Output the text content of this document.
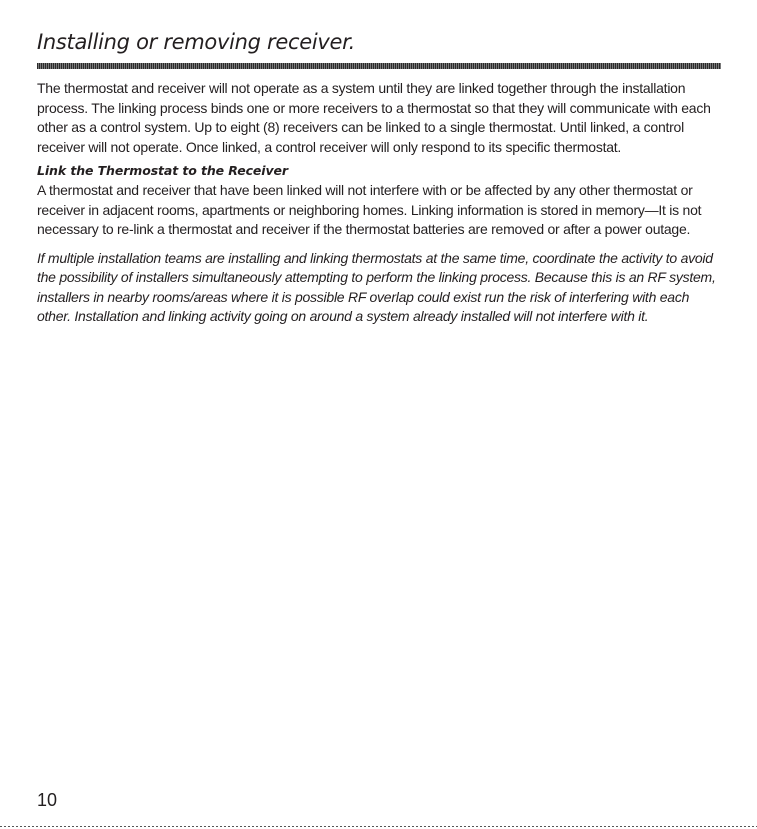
Installing or removing receiver.

The thermostat and receiver will not operate as a system until they are linked together through the installation process. The linking process binds one or more receivers to a thermostat so that they will communicate with each other as a control system. Up to eight (8) receivers can be linked to a single thermostat. Until linked, a control receiver will not operate. Once linked, a control receiver will only respond to its specific thermostat.

Link the Thermostat to the Receiver

A thermostat and receiver that have been linked will not interfere with or be affected by any other thermostat or receiver in adjacent rooms, apartments or neighboring homes. Linking information is stored in memory—It is not necessary to re-link a thermostat and receiver if the thermostat batteries are removed or after a power outage.

If multiple installation teams are installing and linking thermostats at the same time, coordinate the activity to avoid the possibility of installers simultaneously attempting to perform the linking process. Because this is an RF system, installers in nearby rooms/areas where it is possible RF overlap could exist run the risk of interfering with each other. Installation and linking activity going on around a system already installed will not interfere with it.

10
